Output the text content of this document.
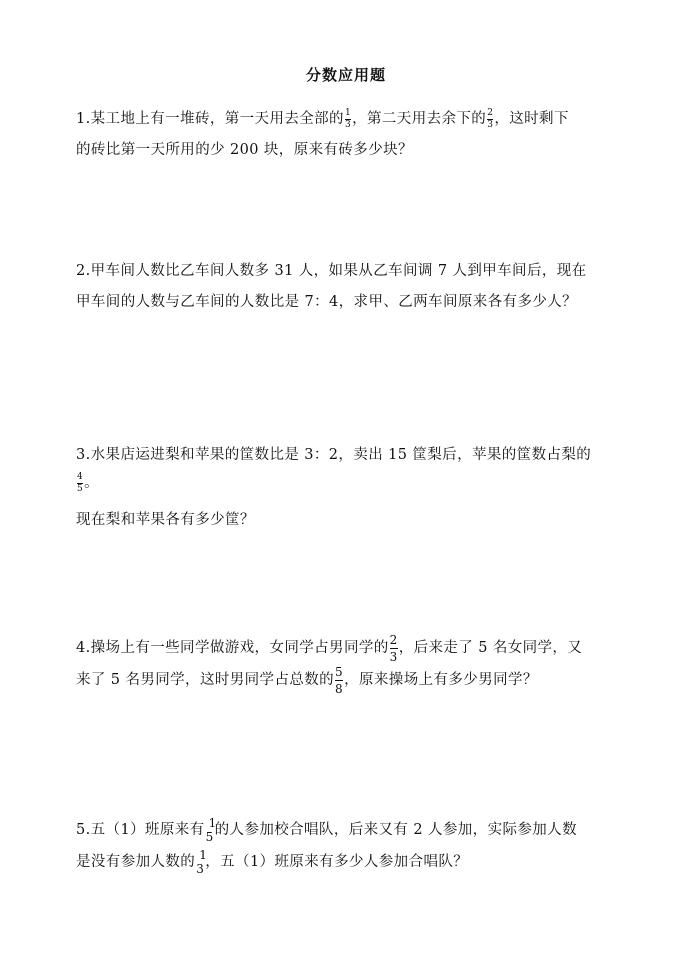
分数应用题
1.某工地上有一堆砖，第一天用去全部的 $\frac{1}{3}$ ，第二天用去余下的 $\frac{2}{3}$ ，这时剩下
的砖比第一天所用的少 200 块，原来有砖多少块？
2.甲车间人数比乙车间人数多 31 人，如果从乙车间调 7 人到甲车间后，现在
甲车间的人数与乙车间的人数比是 7：4，求甲、乙两车间原来各有多少人？
3.水果店运进梨和苹果的筐数比是 3：2，卖出 15 筐梨后，苹果的筐数占梨的
$\frac{4}{5}$ 。
现在梨和苹果各有多少筐？
4.操场上有一些同学做游戏，女同学占男同学的 $\frac{2}{3}$ ，后来走了 5 名女同学，又
来了 5 名男同学，这时男同学占总数的 $\frac{5}{8}$ ，原来操场上有多少男同学？
5.五（1）班原来有 1
5 的人参加校合唱队，后来又有 2 人参加，实际参加人数
是没有参加人数的 1
3 ，五（1）班原来有多少人参加合唱队？
